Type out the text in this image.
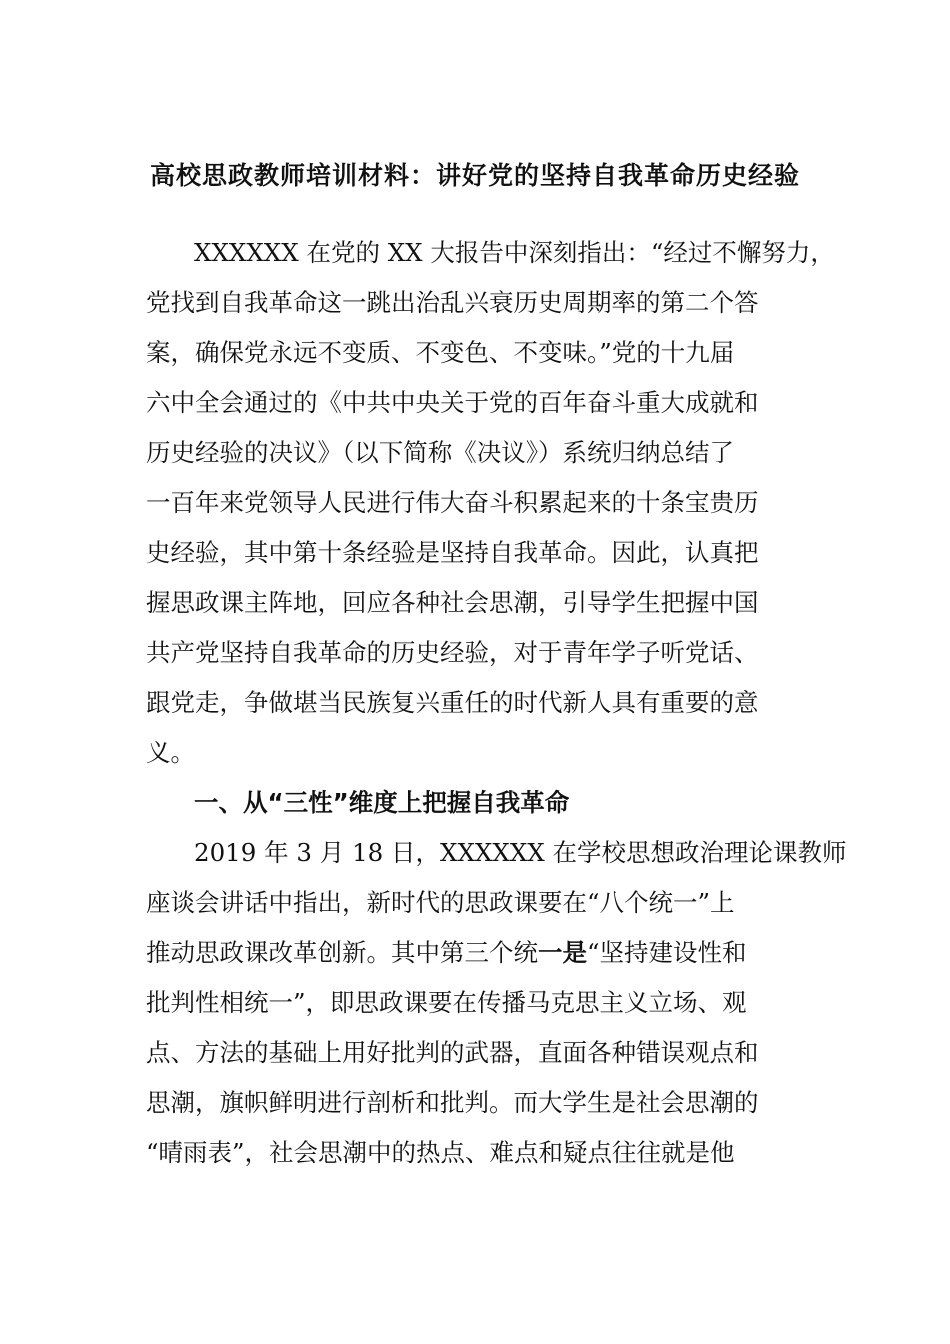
高校思政教师培训材料：讲好党的坚持自我革命历史经验

XXXXXX 在党的 XX 大报告中深刻指出：“经过不懈努力，

党找到自我革命这一跳出治乱兴衰历史周期率的第二个答

案，确保党永远不变质、不变色、不变味。”党的十九届

六中全会通过的《中共中央关于党的百年奋斗重大成就和

历史经验的决议》（以下简称《决议》）系统归纳总结了

一百年来党领导人民进行伟大奋斗积累起来的十条宝贵历

史经验，其中第十条经验是坚持自我革命。因此，认真把

握思政课主阵地，回应各种社会思潮，引导学生把握中国

共产党坚持自我革命的历史经验，对于青年学子听党话、

跟党走，争做堪当民族复兴重任的时代新人具有重要的意

义。

一、从“三性”维度上把握自我革命

2019 年 3 月 18 日，XXXXXX 在学校思想政治理论课教师

座谈会讲话中指出，新时代的思政课要在“八个统一”上

推动思政课改革创新。其中第三个统一是“坚持建设性和

批判性相统一”，即思政课要在传播马克思主义立场、观

点、方法的基础上用好批判的武器，直面各种错误观点和

思潮，旗帜鲜明进行剖析和批判。而大学生是社会思潮的

“晴雨表”，社会思潮中的热点、难点和疑点往往就是他
